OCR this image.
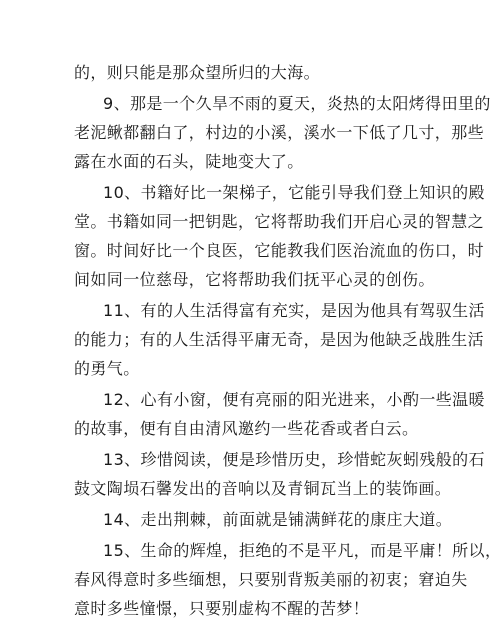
的，则只能是那众望所归的大海。
9、那是一个久旱不雨的夏天，炎热的太阳烤得田里的
老泥鳅都翻白了，村边的小溪，溪水一下低了几寸，那些
露在水面的石头，陡地变大了。
10、书籍好比一架梯子，它能引导我们登上知识的殿
堂。书籍如同一把钥匙，它将帮助我们开启心灵的智慧之
窗。时间好比一个良医，它能教我们医治流血的伤口，时
间如同一位慈母，它将帮助我们抚平心灵的创伤。
11、有的人生活得富有充实，是因为他具有驾驭生活
的能力；有的人生活得平庸无奇，是因为他缺乏战胜生活
的勇气。
12、心有小窗，便有亮丽的阳光进来，小酌一些温暖
的故事，便有自由清风邀约一些花香或者白云。
13、珍惜阅读，便是珍惜历史，珍惜蛇灰蚓残般的石
鼓文陶埙石馨发出的音响以及青铜瓦当上的装饰画。
14、走出荆棘，前面就是铺满鲜花的康庄大道。
15、生命的辉煌，拒绝的不是平凡，而是平庸！所以，
春风得意时多些缅想，只要别背叛美丽的初衷；窘迫失
意时多些憧憬，只要别虚构不醒的苦梦！
